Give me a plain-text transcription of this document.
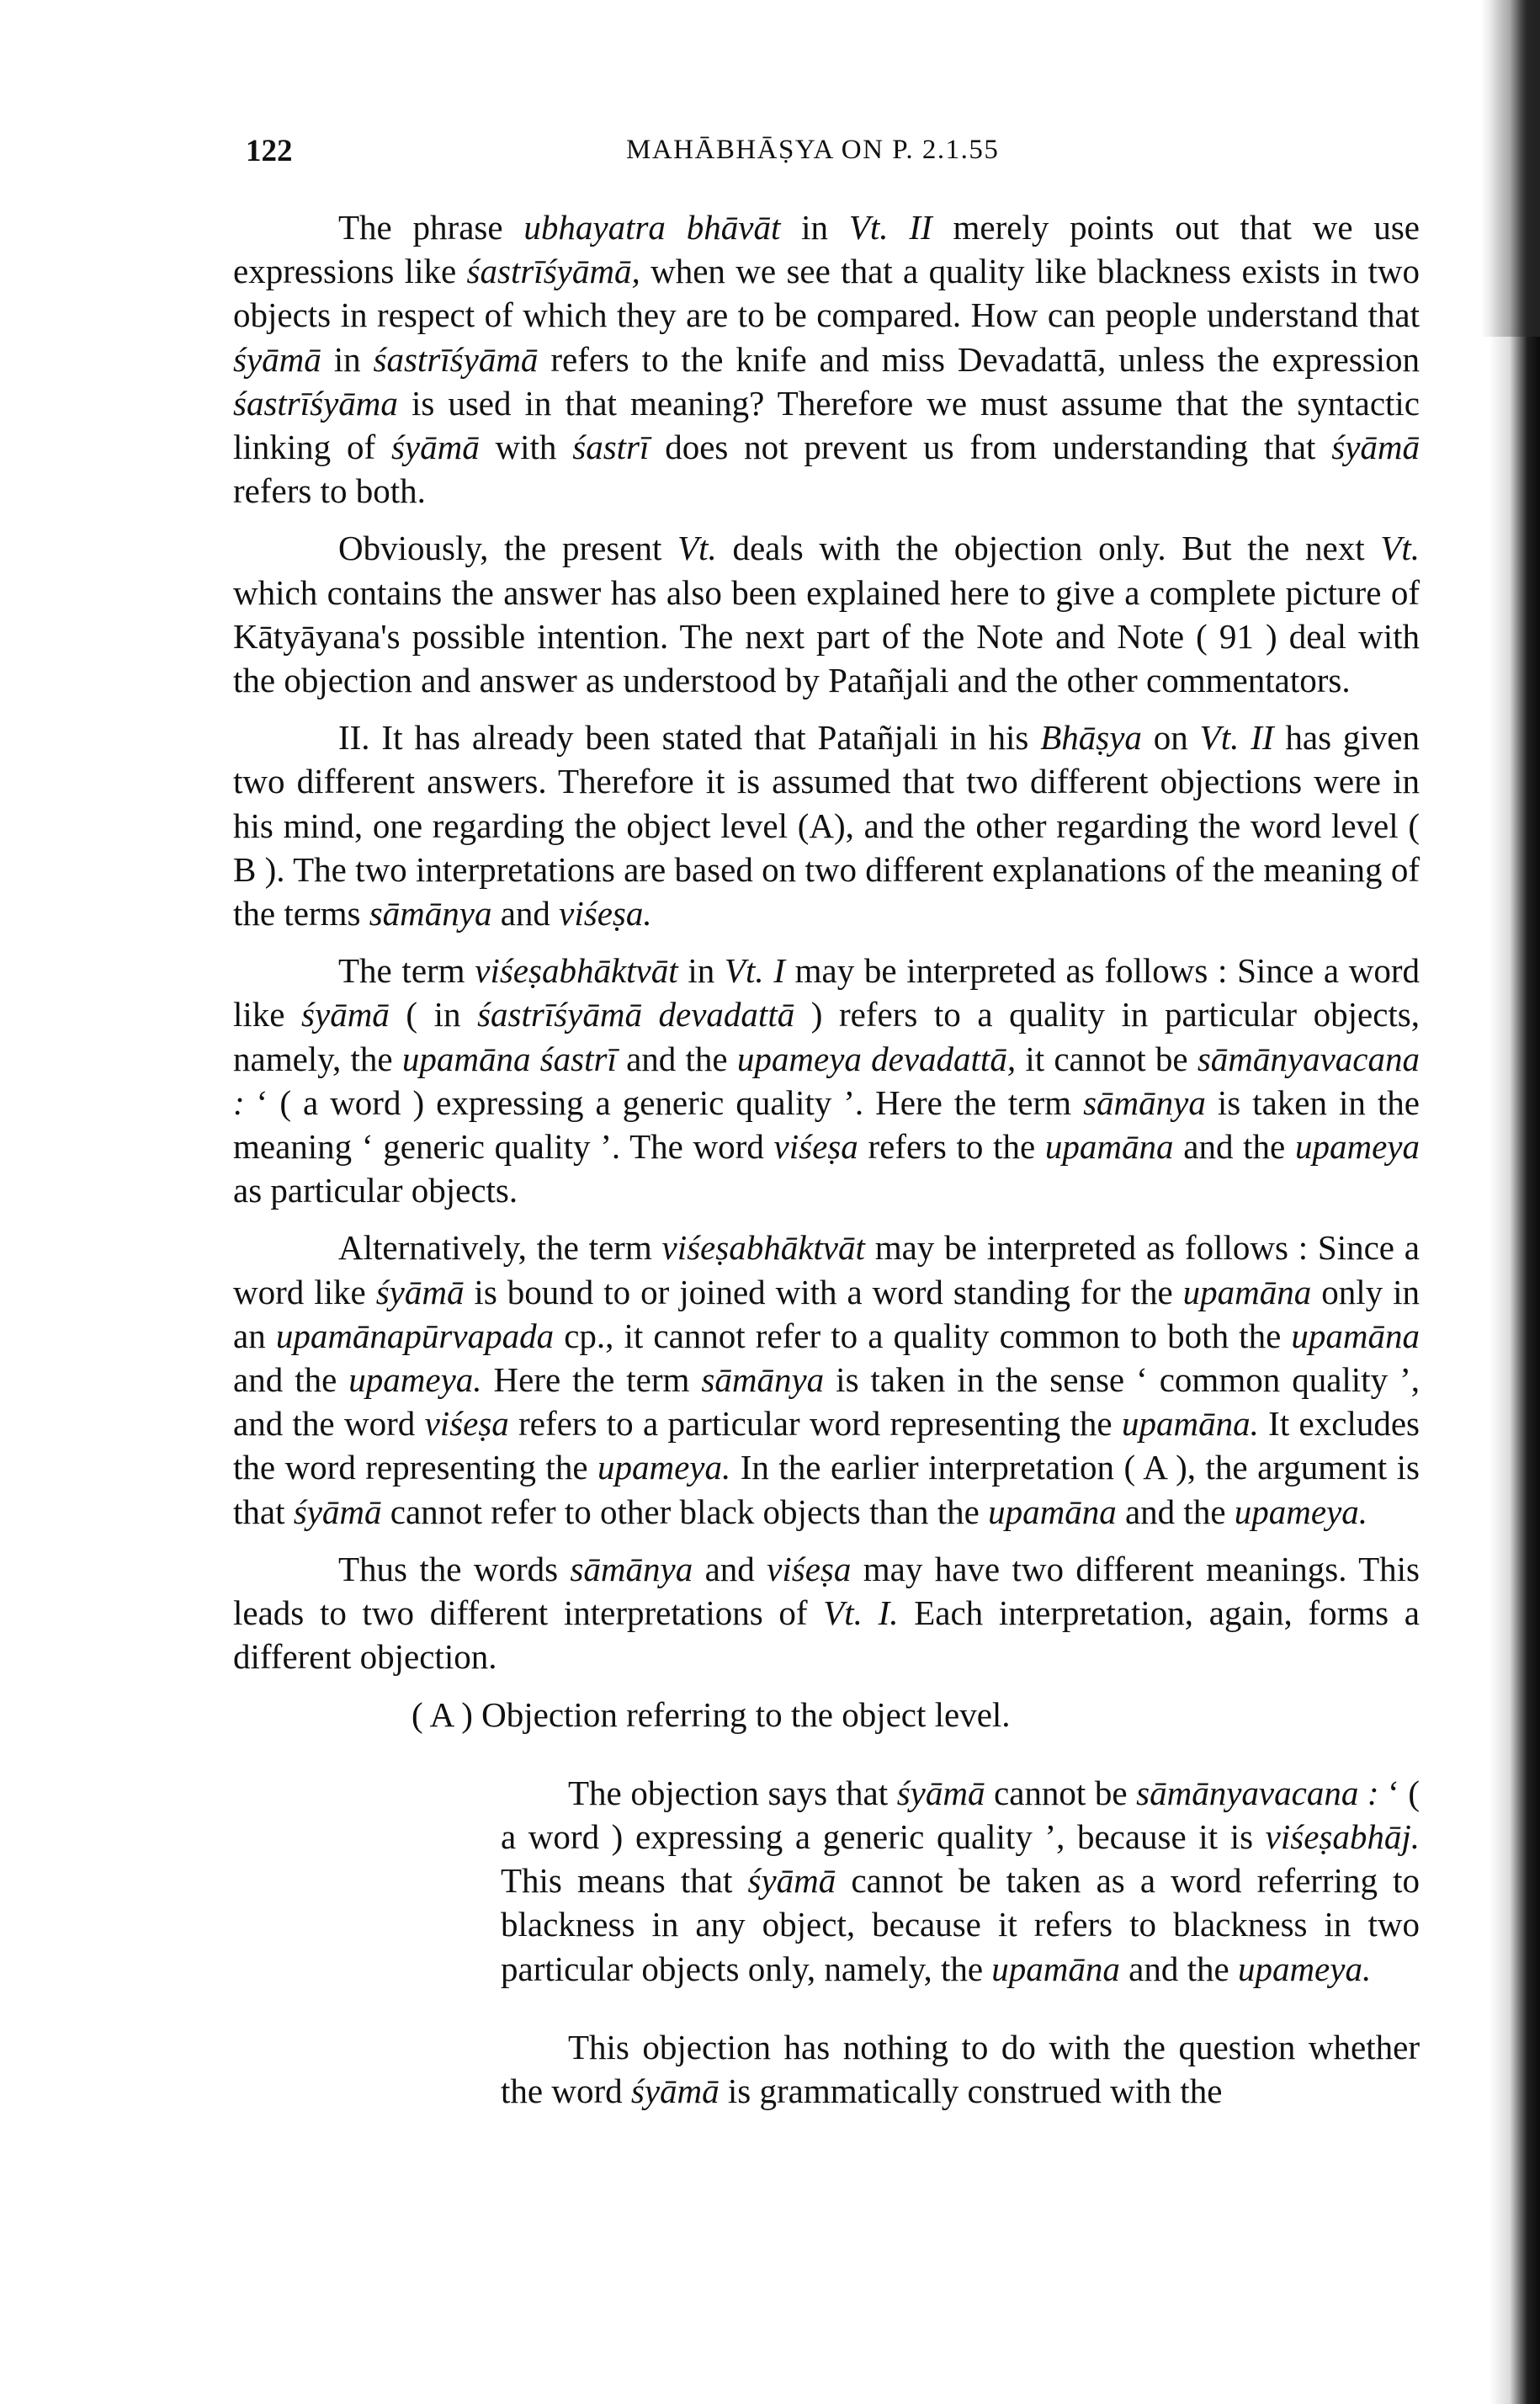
122	MAHĀBHĀṢYA ON P. 2.1.55

The phrase ubhayatra bhāvāt in Vt. II merely points out that we use expressions like śastrīśyāmā, when we see that a quality like blackness exists in two objects in respect of which they are to be compared. How can people understand that śyāmā in śastrīśyāmā refers to the knife and miss Devadattā, unless the expression śastrīśyāma is used in that meaning? Therefore we must assume that the syntactic linking of śyāmā with śastrī does not prevent us from understanding that śyāmā refers to both.

Obviously, the present Vt. deals with the objection only. But the next Vt. which contains the answer has also been explained here to give a complete picture of Kātyāyana's possible intention. The next part of the Note and Note ( 91 ) deal with the objection and answer as understood by Patañjali and the other commentators.

II. It has already been stated that Patañjali in his Bhāṣya on Vt. II has given two different answers. Therefore it is assumed that two different objections were in his mind, one regarding the object level (A), and the other regarding the word level ( B ). The two interpretations are based on two different explanations of the meaning of the terms sāmānya and viśeṣa.

The term viśeṣabhāktvāt in Vt. I may be interpreted as follows : Since a word like śyāmā ( in śastrīśyāmā devadattā ) refers to a quality in particular objects, namely, the upamāna śastrī and the upameya devadattā, it cannot be sāmānyavacana : ‘ ( a word ) expressing a generic quality ’. Here the term sāmānya is taken in the meaning ‘ generic quality ’. The word viśeṣa refers to the upamāna and the upameya as particular objects.

Alternatively, the term viśeṣabhāktvāt may be interpreted as follows : Since a word like śyāmā is bound to or joined with a word standing for the upamāna only in an upamānapūrvapada cp., it cannot refer to a quality common to both the upamāna and the upameya. Here the term sāmānya is taken in the sense ‘ common quality ’, and the word viśeṣa refers to a particular word representing the upamāna. It excludes the word representing the upameya. In the earlier interpretation ( A ), the argument is that śyāmā cannot refer to other black objects than the upamāna and the upameya.

Thus the words sāmānya and viśeṣa may have two different meanings. This leads to two different interpretations of Vt. I. Each interpretation, again, forms a different objection.

( A ) Objection referring to the object level.

The objection says that śyāmā cannot be sāmānyavacana : ‘ ( a word ) expressing a generic quality ’, because it is viśeṣabhāj. This means that śyāmā cannot be taken as a word referring to blackness in any object, because it refers to blackness in two particular objects only, namely, the upamāna and the upameya.

This objection has nothing to do with the question whether the word śyāmā is grammatically construed with the
